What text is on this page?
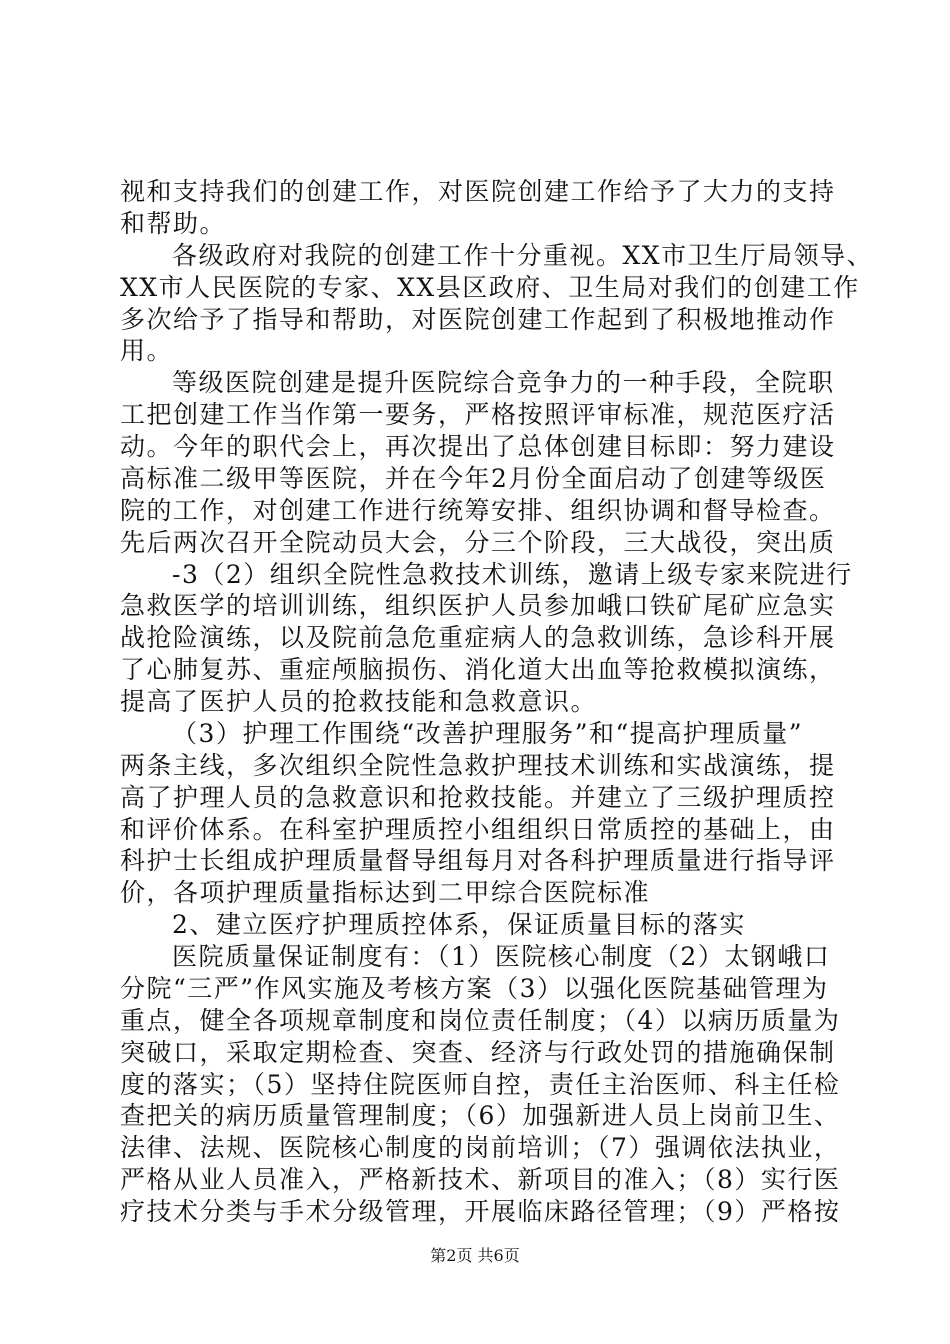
视和支持我们的创建工作，对医院创建工作给予了大力的支持
和帮助。
各级政府对我院的创建工作十分重视。XX市卫生厅局领导、
XX市人民医院的专家、XX县区政府、卫生局对我们的创建工作
多次给予了指导和帮助，对医院创建工作起到了积极地推动作
用。
等级医院创建是提升医院综合竞争力的一种手段，全院职
工把创建工作当作第一要务，严格按照评审标准，规范医疗活
动。今年的职代会上，再次提出了总体创建目标即：努力建设
高标准二级甲等医院，并在今年2月份全面启动了创建等级医
院的工作，对创建工作进行统筹安排、组织协调和督导检查。
先后两次召开全院动员大会，分三个阶段，三大战役，突出质
-3（2）组织全院性急救技术训练，邀请上级专家来院进行
急救医学的培训训练，组织医护人员参加峨口铁矿尾矿应急实
战抢险演练，以及院前急危重症病人的急救训练，急诊科开展
了心肺复苏、重症颅脑损伤、消化道大出血等抢救模拟演练，
提高了医护人员的抢救技能和急救意识。
（3）护理工作围绕“改善护理服务”和“提高护理质量”
两条主线，多次组织全院性急救护理技术训练和实战演练，提
高了护理人员的急救意识和抢救技能。并建立了三级护理质控
和评价体系。在科室护理质控小组组织日常质控的基础上，由
科护士长组成护理质量督导组每月对各科护理质量进行指导评
价，各项护理质量指标达到二甲综合医院标准
2、建立医疗护理质控体系，保证质量目标的落实
医院质量保证制度有：（1）医院核心制度（2）太钢峨口
分院“三严”作风实施及考核方案（3）以强化医院基础管理为
重点，健全各项规章制度和岗位责任制度；（4）以病历质量为
突破口，采取定期检查、突查、经济与行政处罚的措施确保制
度的落实；（5）坚持住院医师自控，责任主治医师、科主任检
查把关的病历质量管理制度；（6）加强新进人员上岗前卫生、
法律、法规、医院核心制度的岗前培训；（7）强调依法执业，
严格从业人员准入，严格新技术、新项目的准入；（8）实行医
疗技术分类与手术分级管理，开展临床路径管理；（9）严格按
第2页 共6页
